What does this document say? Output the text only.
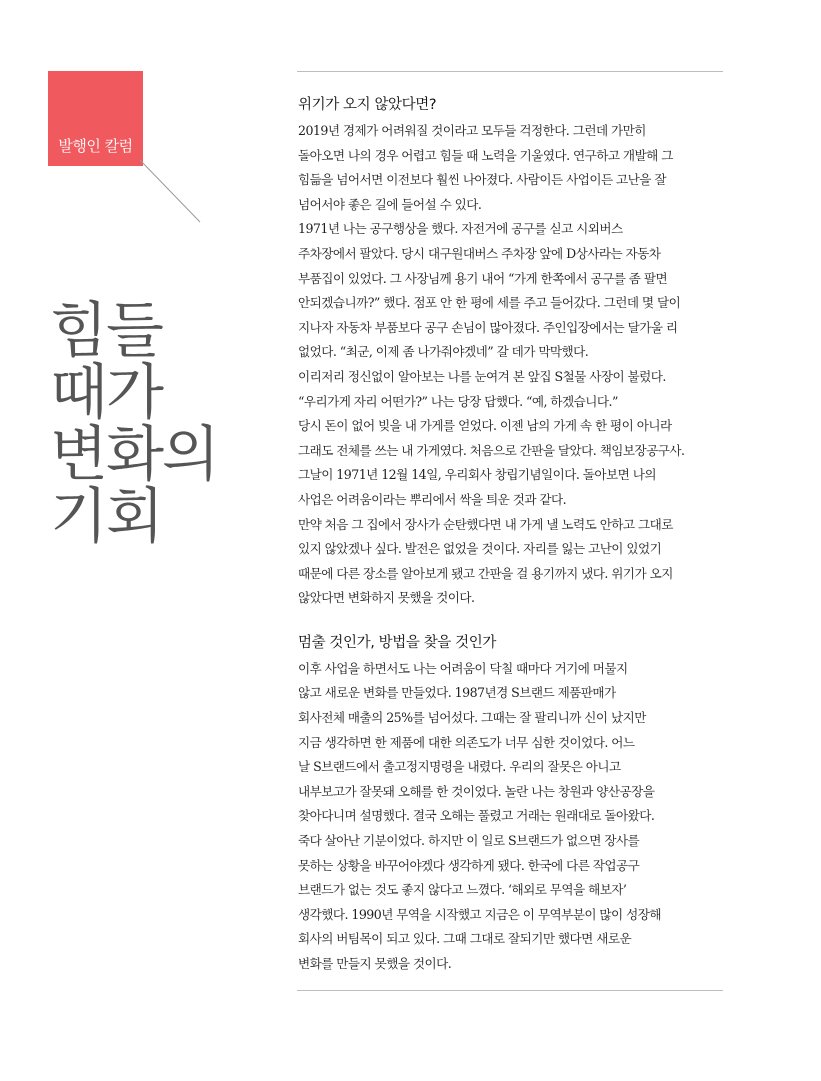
발행인 칼럼
힘들
때가
변화의
기회
위기가 오지 않았다면?
2019년 경제가 어려워질 것이라고 모두들 걱정한다. 그런데 가만히
돌아오면 나의 경우 어렵고 힘들 때 노력을 기울였다. 연구하고 개발해 그
힘듦을 넘어서면 이전보다 훨씬 나아졌다. 사람이든 사업이든 고난을 잘
넘어서야 좋은 길에 들어설 수 있다.
1971년 나는 공구행상을 했다. 자전거에 공구를 싣고 시외버스
주차장에서 팔았다. 당시 대구원대버스 주차장 앞에 D상사라는 자동차
부품집이 있었다. 그 사장님께 용기 내어 “가게 한쪽에서 공구를 좀 팔면
안되겠습니까?” 했다. 점포 안 한 평에 세를 주고 들어갔다. 그런데 몇 달이
지나자 자동차 부품보다 공구 손님이 많아졌다. 주인입장에서는 달가울 리
없었다. “최군, 이제 좀 나가줘야겠네” 갈 데가 막막했다.
이리저리 정신없이 알아보는 나를 눈여겨 본 앞집 S철물 사장이 불렀다.
“우리가게 자리 어떤가?” 나는 당장 답했다. “예, 하겠습니다.”
당시 돈이 없어 빚을 내 가게를 얻었다. 이젠 남의 가게 속 한 평이 아니라
그래도 전체를 쓰는 내 가게였다. 처음으로 간판을 달았다. 책임보장공구사.
그날이 1971년 12월 14일, 우리회사 창립기념일이다. 돌아보면 나의
사업은 어려움이라는 뿌리에서 싹을 틔운 것과 같다.
만약 처음 그 집에서 장사가 순탄했다면 내 가게 낼 노력도 안하고 그대로
있지 않았겠나 싶다. 발전은 없었을 것이다. 자리를 잃는 고난이 있었기
때문에 다른 장소를 알아보게 됐고 간판을 걸 용기까지 냈다. 위기가 오지
않았다면 변화하지 못했을 것이다.
멈출 것인가, 방법을 찾을 것인가
이후 사업을 하면서도 나는 어려움이 닥칠 때마다 거기에 머물지
않고 새로운 변화를 만들었다. 1987년경 S브랜드 제품판매가
회사전체 매출의 25%를 넘어섰다. 그때는 잘 팔리니까 신이 났지만
지금 생각하면 한 제품에 대한 의존도가 너무 심한 것이었다. 어느
날 S브랜드에서 출고정지명령을 내렸다. 우리의 잘못은 아니고
내부보고가 잘못돼 오해를 한 것이었다. 놀란 나는 창원과 양산공장을
찾아다니며 설명했다. 결국 오해는 풀렸고 거래는 원래대로 돌아왔다.
죽다 살아난 기분이었다. 하지만 이 일로 S브랜드가 없으면 장사를
못하는 상황을 바꾸어야겠다 생각하게 됐다. 한국에 다른 작업공구
브랜드가 없는 것도 좋지 않다고 느꼈다. ‘해외로 무역을 해보자’
생각했다. 1990년 무역을 시작했고 지금은 이 무역부분이 많이 성장해
회사의 버팀목이 되고 있다. 그때 그대로 잘되기만 했다면 새로운
변화를 만들지 못했을 것이다.
